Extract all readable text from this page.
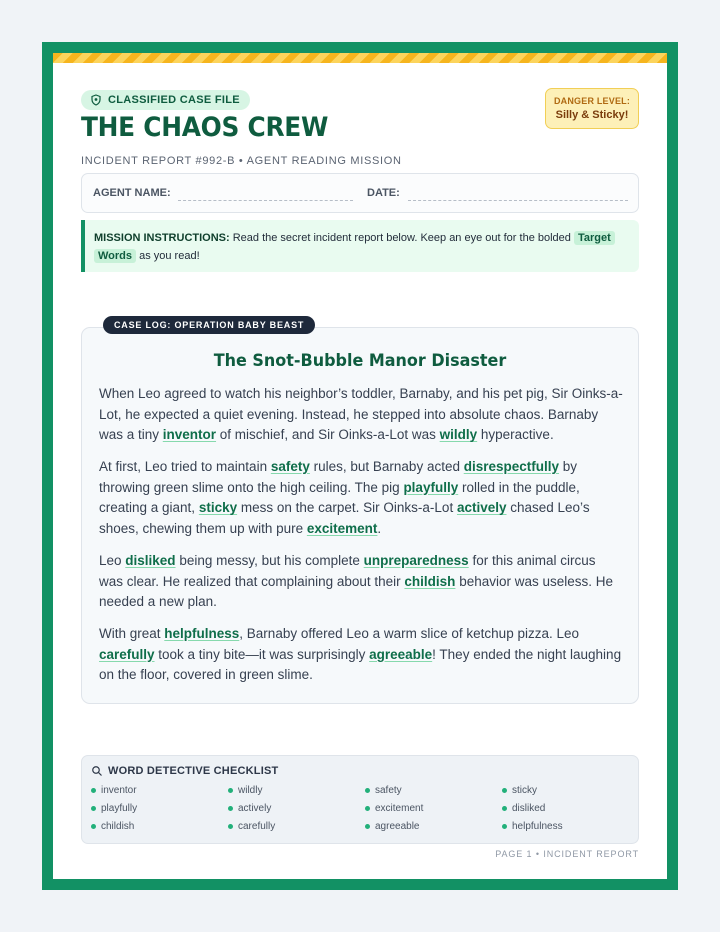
CLASSIFIED CASE FILE	DANGER LEVEL:
Silly & Sticky!
THE CHAOS CREW
INCIDENT REPORT #992-B • AGENT READING MISSION
AGENT NAME:	DATE:
MISSION INSTRUCTIONS: Read the secret incident report below. Keep an eye out for the bolded Target
Words as you read!
CASE LOG: OPERATION BABY BEAST
The Snot-Bubble Manor Disaster
When Leo agreed to watch his neighbor’s toddler, Barnaby, and his pet pig, Sir Oinks-a-Lot, he expected a quiet evening. Instead, he stepped into absolute chaos. Barnaby was a tiny inventor of mischief, and Sir Oinks-a-Lot was wildly hyperactive.
At first, Leo tried to maintain safety rules, but Barnaby acted disrespectfully by throwing green slime onto the high ceiling. The pig playfully rolled in the puddle, creating a giant, sticky mess on the carpet. Sir Oinks-a-Lot actively chased Leo’s shoes, chewing them up with pure excitement.
Leo disliked being messy, but his complete unpreparedness for this animal circus was clear. He realized that complaining about their childish behavior was useless. He needed a new plan.
With great helpfulness, Barnaby offered Leo a warm slice of ketchup pizza. Leo carefully took a tiny bite—it was surprisingly agreeable! They ended the night laughing on the floor, covered in green slime.
WORD DETECTIVE CHECKLIST
inventor	wildly	safety	sticky
playfully	actively	excitement	disliked
childish	carefully	agreeable	helpfulness
PAGE 1 • INCIDENT REPORT
